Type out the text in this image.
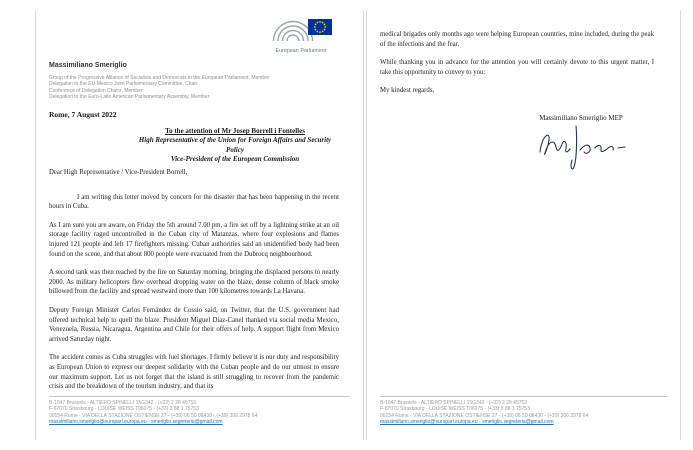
European Parliament
Massimiliano Smeriglio
Group of the Progressive Alliance of Socialists and Democrats in the European Parliament, Member
Delegation to the EU-Mexico Joint Parliamentary Committee, Chair
Conference of Delegation Chairs, Member
Delegation to the Euro-Latin American Parliamentary Assembly, Member
Rome, 7 August 2022
To the attention of Mr Josep Borrell i Fontelles
High Representative of the Union for Foreign Affairs and Security Policy
Vice-President of the European Commission
Dear High Representative / Vice-President Borrell,

I am writing this letter moved by concern for the disaster that has been happening in the recent hours in Cuba.

As I am sure you are aware, on Friday the 5th around 7.00 pm, a fire set off by a lightning strike at an oil storage facility raged uncontrolled in the Cuban city of Matanzas, where four explosions and flames injured 121 people and left 17 firefighters missing. Cuban authorities said an unidentified body had been found on the scene, and that about 800 people were evacuated from the Dubrocq neighbourhood.

A second tank was then reached by the fire on Saturday morning, bringing the displaced persons to nearly 2000. As military helicopters flew overhead dropping water on the blaze, dense column of black smoke billowed from the facility and spread westward more than 100 kilometres towards La Havana.

Deputy Foreign Minister Carlos Fernández de Cossio said, on Twitter, that the U.S. government had offered technical help to quell the blaze. President Miguel Diaz-Canel thanked via social media Mexico, Venezuela, Russia, Nicaragua, Argentina and Chile for their offers of help. A support flight from Mexico arrived Saturday night.

The accident comes as Cuba struggles with fuel shortages. I firmly believe it is our duty and responsibility as European Union to express our deepest solidarity with the Cuban people and do our utmost to ensure our maximum support. Let us not forget that the island is still struggling to recover from the pandemic crisis and the breakdown of the tourism industry, and that its

B-1047 Brussels - ALTIERO SPINELLI 15G342 - (+32) 2 28 45753
F-67070 Strasbourg - LOUISE WEISS T06075 - (+33) 3 88 1 75753
00154 Rome - VIA DELLA STAZIONE OSTIENSE 27 - (+39) 06 50 08430 - (+39) 306 2978 64
massimiliano.smeriglio@europarl.europa.eu - smeriglio.segreteria@gmail.com

medical brigades only months ago were helping European countries, mine included, during the peak of the infections and the fear.

While thanking you in advance for the attention you will certainly devote to this urgent matter, I take this opportunity to convey to you:

My kindest regards,

Massimiliano Smeriglio MEP
B-1047 Brussels - ALTIERO SPINELLI 15G342 - (+32) 2 28 45753
F-67070 Strasbourg - LOUISE WEISS T06075 - (+33) 3 88 1 75753
00154 Rome - VIA DELLA STAZIONE OSTIENSE 27 - (+39) 06 50 08430 - (+39) 306 2978 64
massimiliano.smeriglio@europarl.europa.eu - smeriglio.segreteria@gmail.com
